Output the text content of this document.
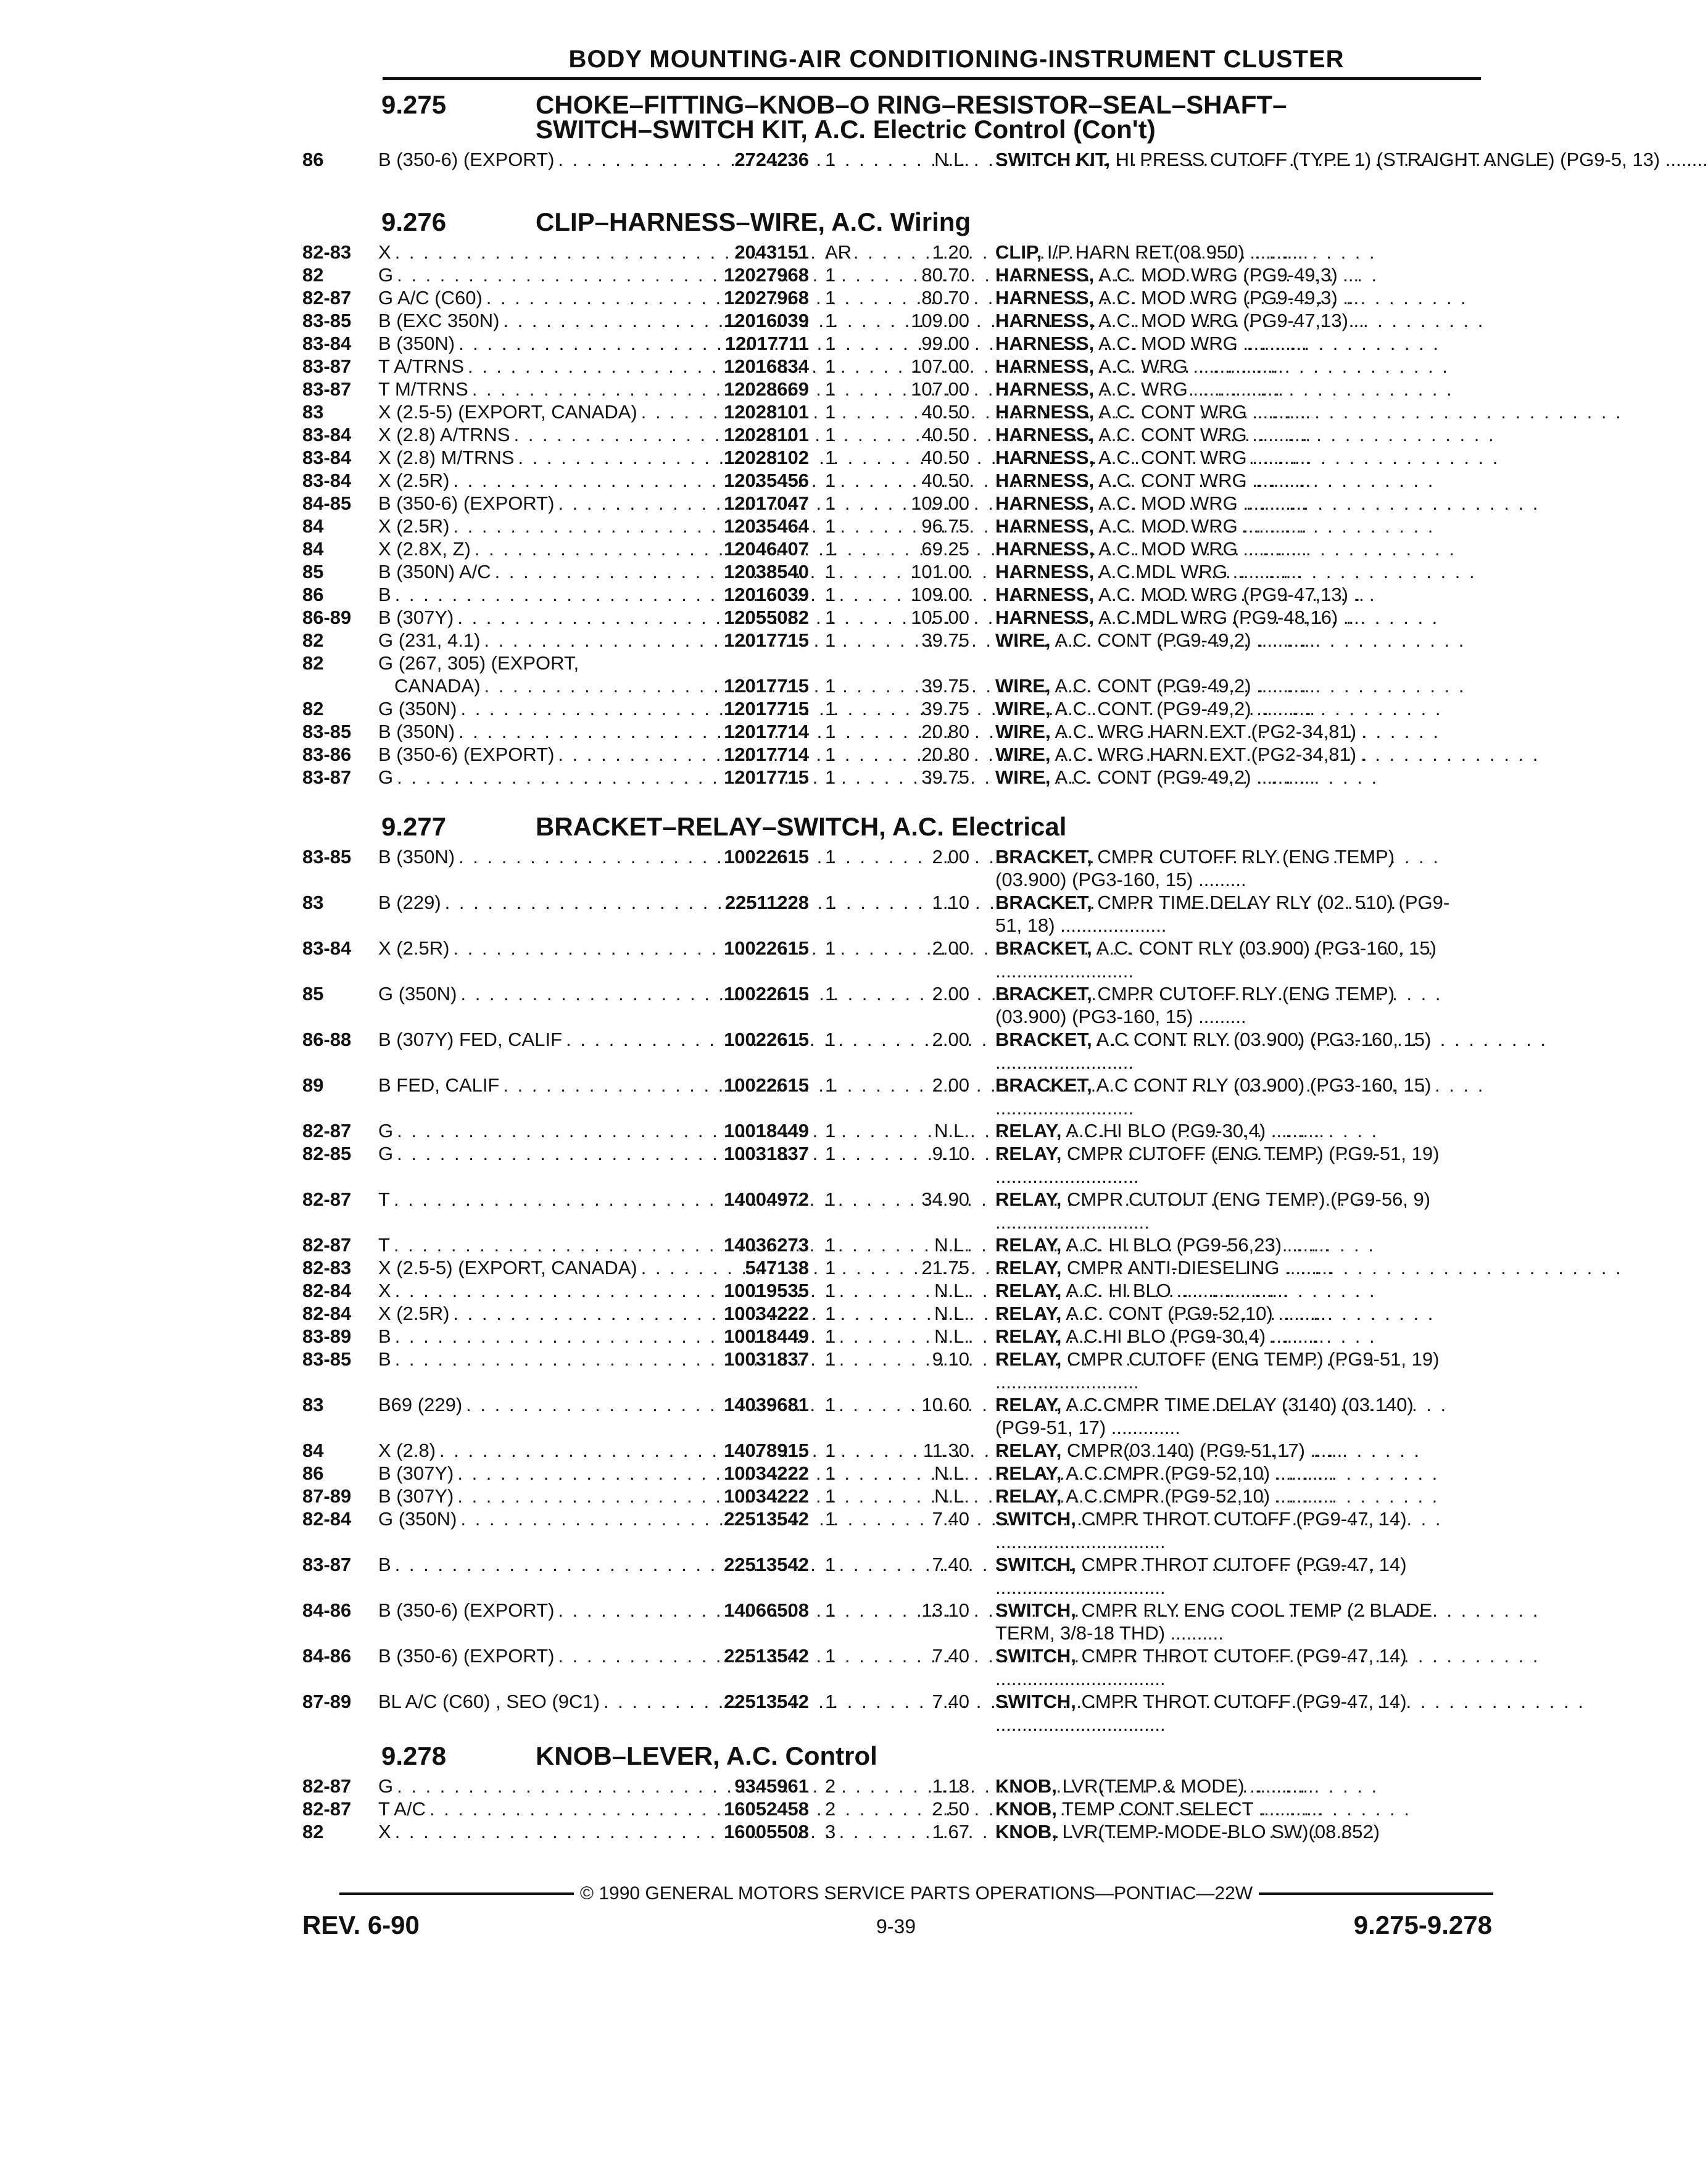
BODY MOUNTING-AIR CONDITIONING-INSTRUMENT CLUSTER
9.275	CHOKE–FITTING–KNOB–O RING–RESISTOR–SEAL–SHAFT–
SWITCH–SWITCH KIT, A.C. Electric Control (Con't)
86	B (350-6) (EXPORT) . . .	2724236 1	N.L.	SWITCH KIT, HI PRESS CUTOFF (TYPE 1) (STRAIGHT ANGLE) (PG9-5, 13) ........
9.276	CLIP–HARNESS–WIRE, A.C. Wiring
82-83	X . . .	2043151 AR	1.20	CLIP, I/P HARN RET(08.950) ...........
82	G . . .	12027968 1	80.70	HARNESS, A.C. MOD WRG (PG9-49,3) ...
82-87	G A/C (C60) . . .	12027968 1	80.70	HARNESS, A.C. MOD WRG (PG9-49,3) ...
83-85	B (EXC 350N) . . .	12016039 1	109.00	HARNESS, A.C. MOD WRG (PG9-47,13) ..
83-84	B (350N) . . .	12017711 1	99.00	HARNESS, A.C. MOD WRG ............
83-87	T A/TRNS . . .	12016834 1	107.00	HARNESS, A.C. WRG .................
83-87	T M/TRNS . . .	12028669 1	107.00	HARNESS, A.C. WRG .................
83	X (2.5-5) (EXPORT, CANADA) . . .	12028101 1	40.50	HARNESS, A.C. CONT WRG ...........
83-84	X (2.8) A/TRNS . . .	12028101 1	40.50	HARNESS, A.C. CONT WRG ...........
83-84	X (2.8) M/TRNS . . .	12028102 1	40.50	HARNESS, A.C. CONT WRG ...........
83-84	X (2.5R) . . .	12035456 1	40.50	HARNESS, A.C. CONT WRG ...........
84-85	B (350-6) (EXPORT) . . .	12017047 1	109.00	HARNESS, A.C. MOD WRG ............
84	X (2.5R) . . .	12035464 1	96.75	HARNESS, A.C. MOD WRG ............
84	X (2.8X, Z) . . .	12046407 1	69.25	HARNESS, A.C. MOD WRG ............
85	B (350N) A/C . . .	12038540 1	101.00	HARNESS, A.C.MDL WRG .............
86	B . . .	12016039 1	109.00	HARNESS, A.C. MOD WRG (PG9-47,13) ..
86-89	B (307Y) . . .	12055082 1	105.00	HARNESS, A.C.MDL WRG (PG9-48,16) ...
82	G (231, 4.1) . . .	12017715 1	39.75	WIRE, A.C. CONT (PG9-49,2) ...........
82	G (267, 305) (EXPORT,
CANADA) . . .	12017715 1	39.75	WIRE, A.C. CONT (PG9-49,2) ...........
82	G (350N) . . .	12017715 1	39.75	WIRE, A.C. CONT (PG9-49,2) ...........
83-85	B (350N) . . .	12017714 1	20.80	WIRE, A.C. WRG HARN EXT (PG2-34,81) .
83-86	B (350-6) (EXPORT) . . .	12017714 1	20.80	WIRE, A.C. WRG HARN EXT (PG2-34,81) .
83-87	G . . .	12017715 1	39.75	WIRE, A.C. CONT (PG9-49,2) ...........
9.277	BRACKET–RELAY–SWITCH, A.C. Electrical
83-85	B (350N) . . .	10022615 1	2.00	BRACKET, CMPR CUTOFF RLY (ENG TEMP) (03.900) (PG3-160, 15) .........
83	B (229) . . .	22511228 1	1.10	BRACKET, CMPR TIME DELAY RLY (02. 510) (PG9-51, 18) ....................
83-84	X (2.5R) . . .	10022615 1	2.00	BRACKET, A.C. CONT RLY (03.900) (PG3-160, 15) ..........................
85	G (350N) . . .	10022615 1	2.00	BRACKET, CMPR CUTOFF RLY (ENG TEMP) (03.900) (PG3-160, 15) .........
86-88	B (307Y) FED, CALIF . . .	10022615 1	2.00	BRACKET, A.C CONT RLY (03.900) (PG3-160, 15) ..........................
89	B FED, CALIF . . .	10022615 1	2.00	BRACKET, A.C CONT RLY (03.900) (PG3-160, 15) ..........................
82-87	G . . .	10018449 1	N.L.	RELAY, A.C.HI BLO (PG9-30,4) ..........
82-85	G . . .	10031837 1	9.10	RELAY, CMPR CUTOFF (ENG TEMP) (PG9-51, 19) ...........................
82-87	T . . .	14004972 1	34.90	RELAY, CMPR CUTOUT (ENG TEMP) (PG9-56, 9) .............................
82-87	T . . .	14036273 1	N.L.	RELAY, A.C. HI BLO (PG9-56,23) ........
82-83	X (2.5-5) (EXPORT, CANADA) . . .	547138 1	21.75	RELAY, CMPR ANTI-DIESELING .........
82-84	X . . .	10019535 1	N.L.	RELAY, A.C. HI BLO .....................
82-84	X (2.5R) . . .	10034222 1	N.L.	RELAY, A.C. CONT (PG9-52,10) .........
83-89	B . . .	10018449 1	N.L.	RELAY, A.C.HI BLO (PG9-30,4) ..........
83-85	B . . .	10031837 1	9.10	RELAY, CMPR CUTOFF (ENG TEMP) (PG9-51, 19) ...........................
83	B69 (229) . . .	14039681 1	10.60	RELAY, A.C.CMPR TIME DELAY (3140) (03.140) (PG9-51, 17) .............
84	X (2.8) . . .	14078915 1	11.30	RELAY, CMPR(03.140) (PG9-51,17) ......
86	B (307Y) . . .	10034222 1	N.L.	RELAY, A.C.CMPR (PG9-52,10) ...........
87-89	B (307Y) . . .	10034222 1	N.L.	RELAY, A.C.CMPR (PG9-52,10) ...........
82-84	G (350N) . . .	22513542 1	7.40	SWITCH, CMPR THROT CUTOFF (PG9-47, 14) ................................
83-87	B . . .	22513542 1	7.40	SWITCH, CMPR THROT CUTOFF (PG9-47, 14) ................................
84-86	B (350-6) (EXPORT) . . .	14066508 1	13.10	SWITCH, CMPR RLY ENG COOL TEMP (2 BLADE TERM, 3/8-18 THD) ..........
84-86	B (350-6) (EXPORT) . . .	22513542 1	7.40	SWITCH, CMPR THROT CUTOFF (PG9-47, 14) ................................
87-89	BL A/C (C60) , SEO (9C1) . . .	22513542 1	7.40	SWITCH, CMPR THROT CUTOFF (PG9-47, 14) ................................
9.278	KNOB–LEVER, A.C. Control
82-87	G . . .	9345961 2	1.18	KNOB, LVR(TEMP & MODE) ............
82-87	T A/C . . .	16052458 2	2.50	KNOB, TEMP CONT SELECT ............
82	X . . .	16005508 3	1.67	KNOB, LVR(TEMP-MODE-BLO SW)(08.852)
© 1990 GENERAL MOTORS SERVICE PARTS OPERATIONS—PONTIAC—22W
REV. 6-90	9-39	9.275-9.278
